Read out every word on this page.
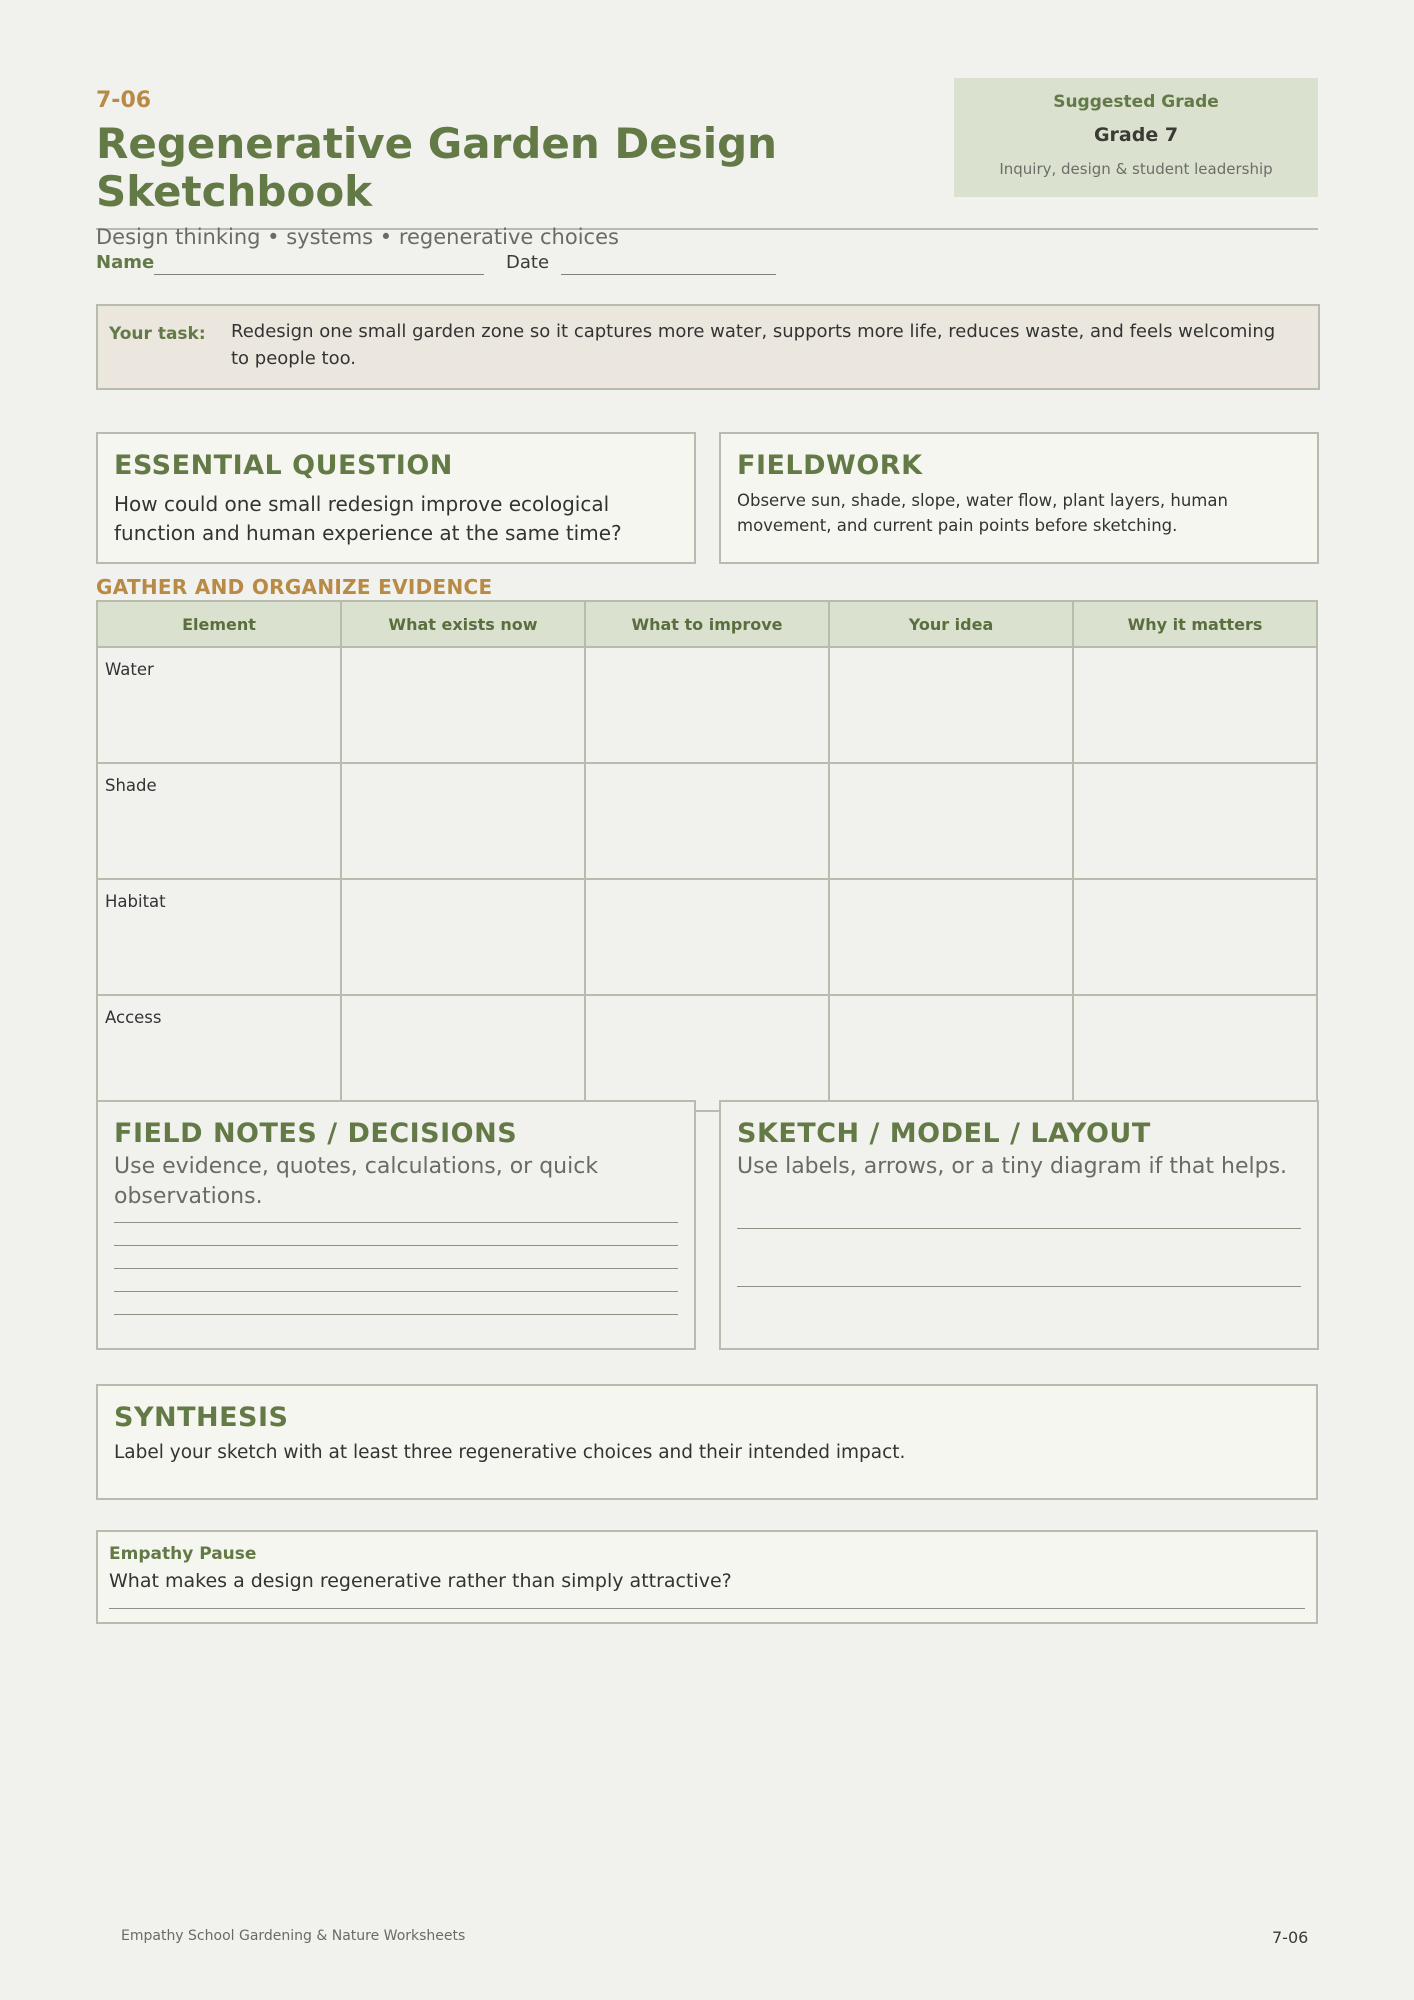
7-06
Regenerative Garden Design Sketchbook
Design thinking • systems • regenerative choices
Suggested Grade
Grade 7
Inquiry, design & student leadership
Name	Date
Your task: Redesign one small garden zone so it captures more water, supports more life, reduces waste, and feels welcoming to people too.
ESSENTIAL QUESTION
How could one small redesign improve ecological function and human experience at the same time?
FIELDWORK
Observe sun, shade, slope, water flow, plant layers, human movement, and current pain points before sketching.
GATHER AND ORGANIZE EVIDENCE
Element	What exists now	What to improve	Your idea	Why it matters
Water				
Shade				
Habitat				
Access				
FIELD NOTES / DECISIONS
Use evidence, quotes, calculations, or quick observations.
SKETCH / MODEL / LAYOUT
Use labels, arrows, or a tiny diagram if that helps.
SYNTHESIS
Label your sketch with at least three regenerative choices and their intended impact.
Empathy Pause
What makes a design regenerative rather than simply attractive?
Empathy School Gardening & Nature Worksheets	7-06
